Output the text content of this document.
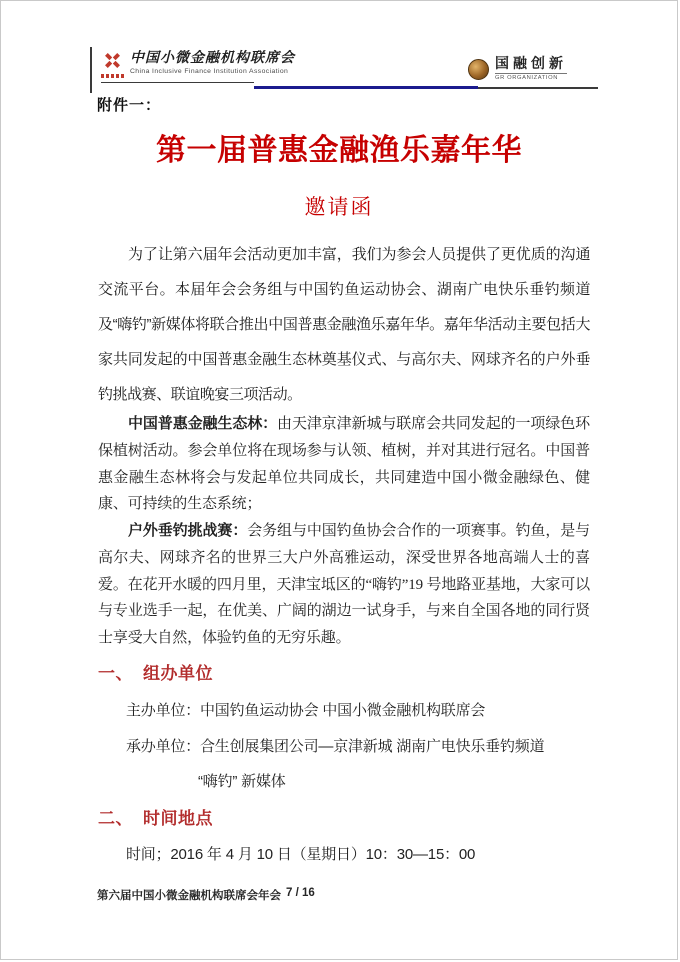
中国小微金融机构联席会
China Inclusive Finance Institution Association	国融创新
GR ORGANIZATION
附件一：
第一届普惠金融渔乐嘉年华
邀请函

为了让第六届年会活动更加丰富，我们为参会人员提供了更优质的沟通交流平台。本届年会会务组与中国钓鱼运动协会、湖南广电快乐垂钓频道及“嗨钓”新媒体将联合推出中国普惠金融渔乐嘉年华。嘉年华活动主要包括大家共同发起的中国普惠金融生态林奠基仪式、与高尔夫、网球齐名的户外垂钓挑战赛、联谊晚宴三项活动。

中国普惠金融生态林：由天津京津新城与联席会共同发起的一项绿色环保植树活动。参会单位将在现场参与认领、植树，并对其进行冠名。中国普惠金融生态林将会与发起单位共同成长，共同建造中国小微金融绿色、健康、可持续的生态系统；

户外垂钓挑战赛：会务组与中国钓鱼协会合作的一项赛事。钓鱼，是与高尔夫、网球齐名的世界三大户外高雅运动，深受世界各地高端人士的喜爱。在花开水暖的四月里，天津宝坻区的“嗨钓”19 号地路亚基地，大家可以与专业选手一起，在优美、广阔的湖边一试身手，与来自全国各地的同行贤士享受大自然，体验钓鱼的无穷乐趣。

一、 组办单位
主办单位：中国钓鱼运动协会 中国小微金融机构联席会
承办单位：合生创展集团公司—京津新城 湖南广电快乐垂钓频道
“嗨钓” 新媒体
二、 时间地点
时间；2016 年 4 月 10 日（星期日）10：30—15：00
第六届中国小微金融机构联席会年会 7 / 16
